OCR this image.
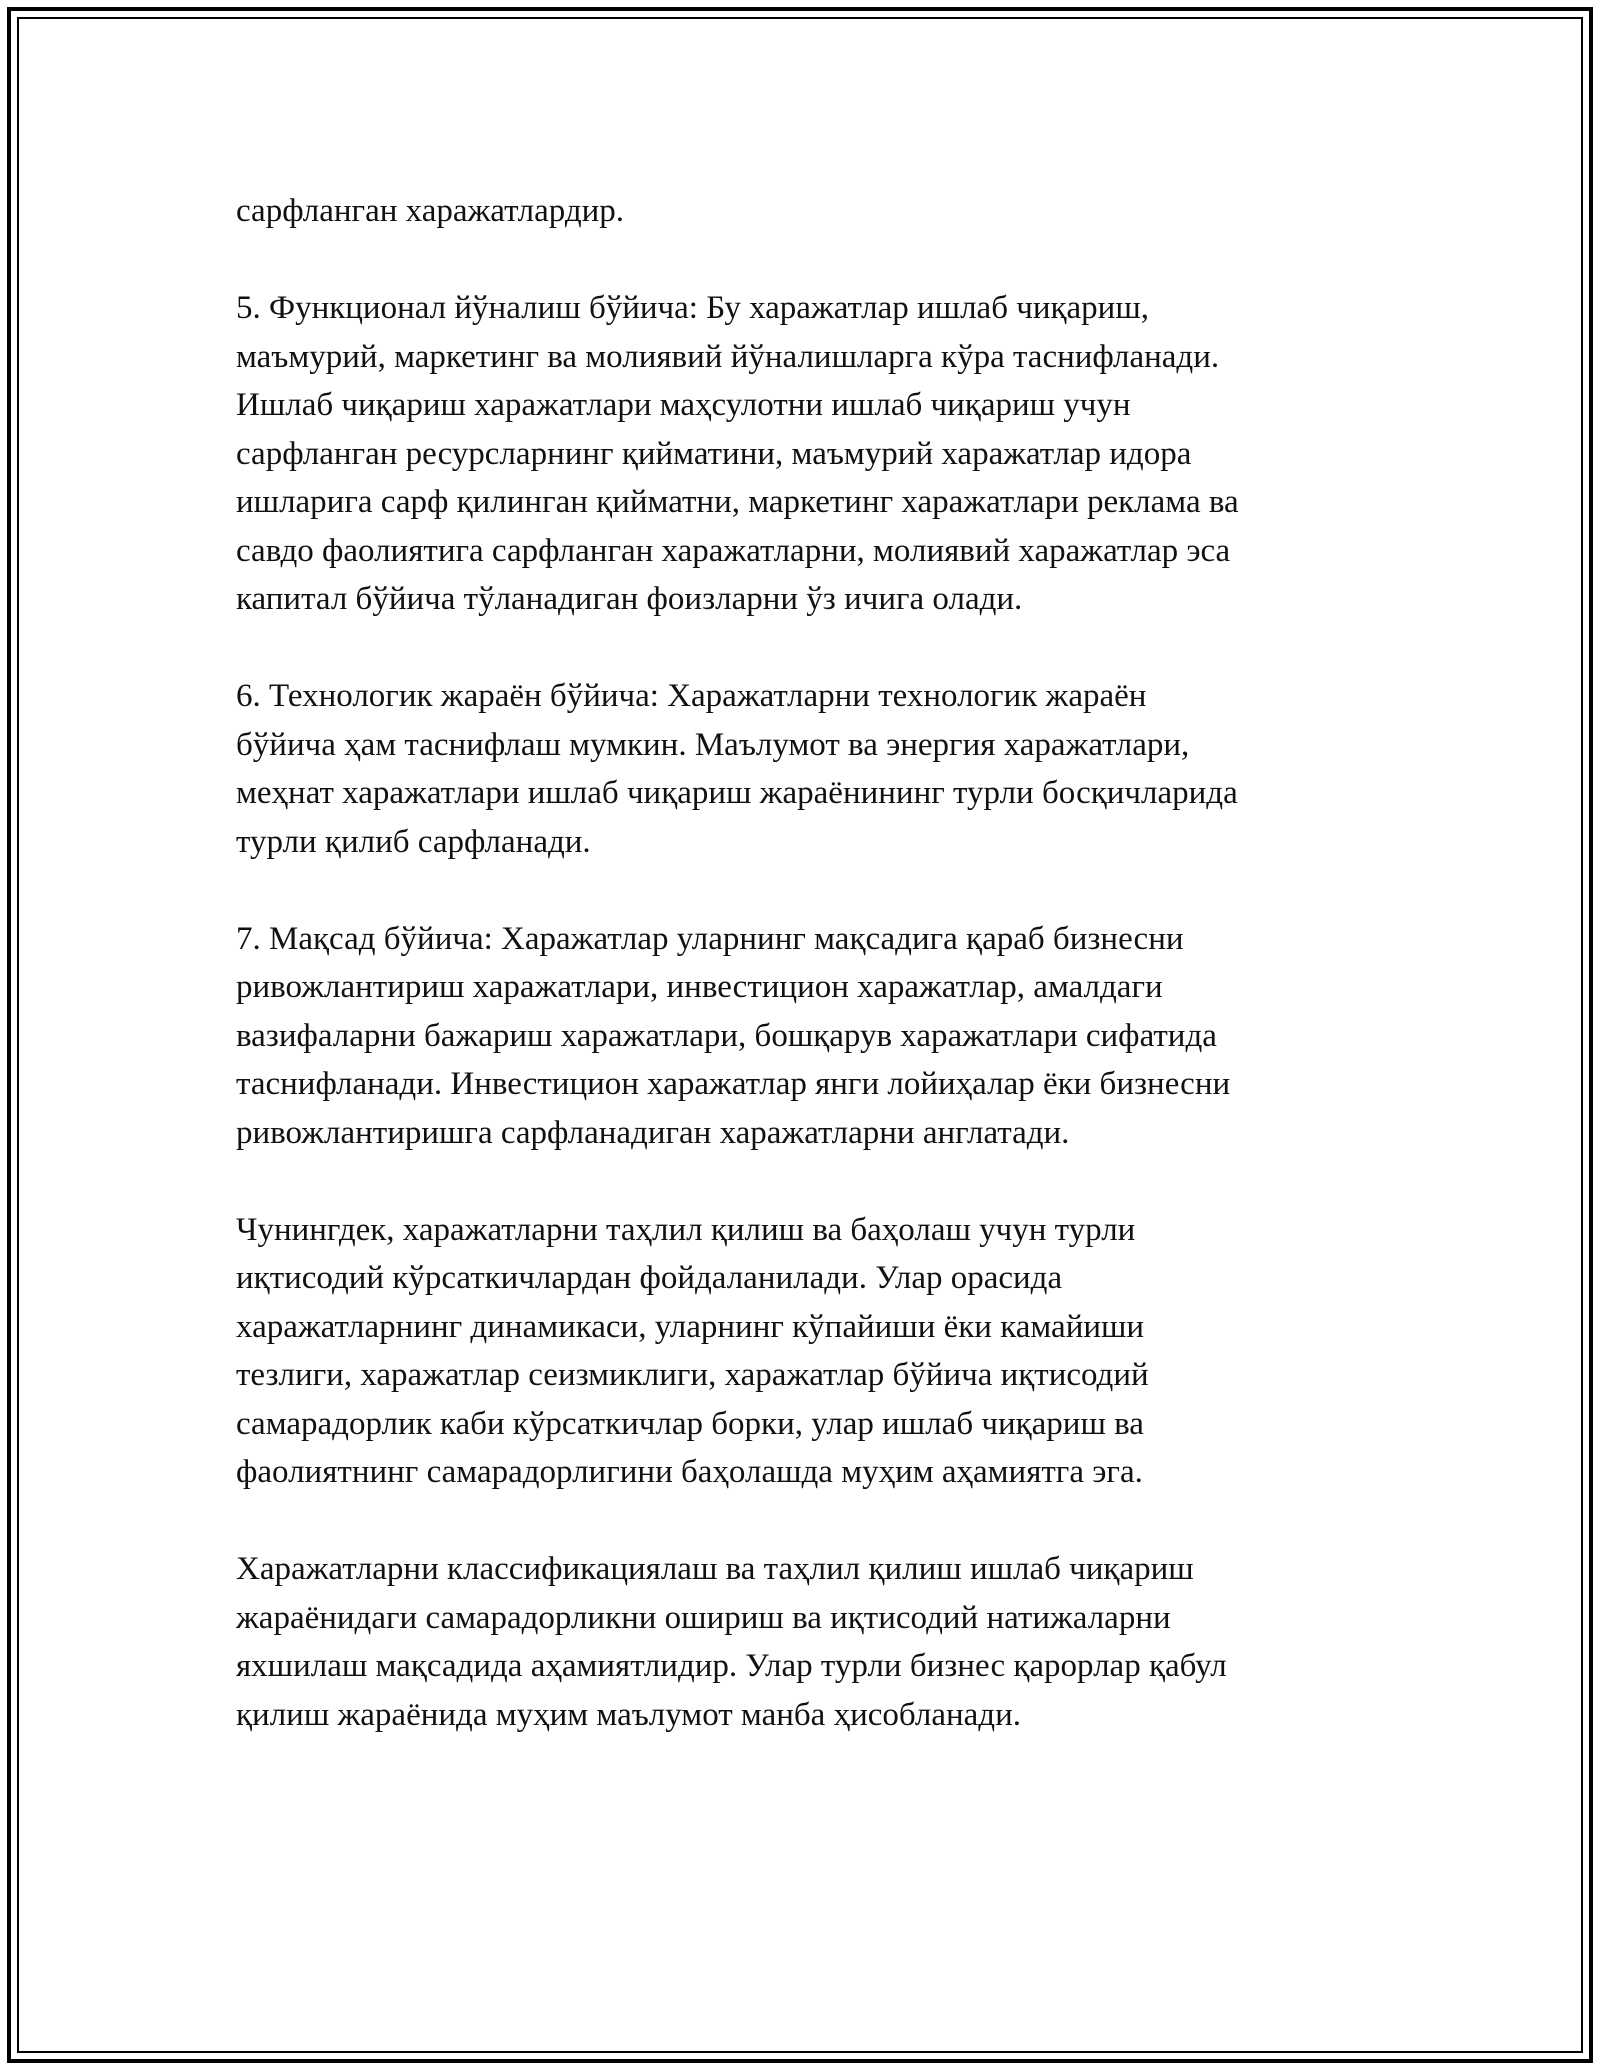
сарфланган харажатлардир.

5. Функционал йўналиш бўйича: Бу харажатлар ишлаб чиқариш,
маъмурий, маркетинг ва молиявий йўналишларга кўра таснифланади.
Ишлаб чиқариш харажатлари маҳсулотни ишлаб чиқариш учун
сарфланган ресурсларнинг қийматини, маъмурий харажатлар идора
ишларига сарф қилинган қийматни, маркетинг харажатлари реклама ва
савдо фаолиятига сарфланган харажатларни, молиявий харажатлар эса
капитал бўйича тўланадиган фоизларни ўз ичига олади.

6. Технологик жараён бўйича: Харажатларни технологик жараён
бўйича ҳам таснифлаш мумкин. Маълумот ва энергия харажатлари,
меҳнат харажатлари ишлаб чиқариш жараёнининг турли босқичларида
турли қилиб сарфланади.

7. Мақсад бўйича: Харажатлар уларнинг мақсадига қараб бизнесни
ривожлантириш харажатлари, инвестицион харажатлар, амалдаги
вазифаларни бажариш харажатлари, бошқарув харажатлари сифатида
таснифланади. Инвестицион харажатлар янги лойиҳалар ёки бизнесни
ривожлантиришга сарфланадиган харажатларни англатади.

Чунингдек, харажатларни таҳлил қилиш ва баҳолаш учун турли
иқтисодий кўрсаткичлардан фойдаланилади. Улар орасида
харажатларнинг динамикаси, уларнинг кўпайиши ёки камайиши
тезлиги, харажатлар сеизмиклиги, харажатлар бўйича иқтисодий
самарадорлик каби кўрсаткичлар борки, улар ишлаб чиқариш ва
фаолиятнинг самарадорлигини баҳолашда муҳим аҳамиятга эга.

Харажатларни классификациялаш ва таҳлил қилиш ишлаб чиқариш
жараёнидаги самарадорликни ошириш ва иқтисодий натижаларни
яхшилаш мақсадида аҳамиятлидир. Улар турли бизнес қарорлар қабул
қилиш жараёнида муҳим маълумот манба ҳисобланади.
